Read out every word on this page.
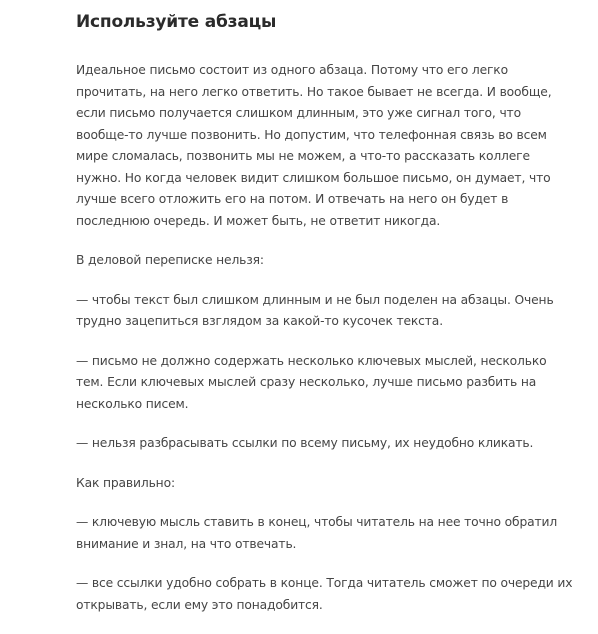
Используйте абзацы

Идеальное письмо состоит из одного абзаца. Потому что его легко прочитать, на него легко ответить. Но такое бывает не всегда. И вообще, если письмо получается слишком длинным, это уже сигнал того, что вообще-то лучше позвонить. Но допустим, что телефонная связь во всем мире сломалась, позвонить мы не можем, а что-то рассказать коллеге нужно. Но когда человек видит слишком большое письмо, он думает, что лучше всего отложить его на потом. И отвечать на него он будет в последнюю очередь. И может быть, не ответит никогда.

В деловой переписке нельзя:

— чтобы текст был слишком длинным и не был поделен на абзацы. Очень трудно зацепиться взглядом за какой-то кусочек текста.

— письмо не должно содержать несколько ключевых мыслей, несколько тем. Если ключевых мыслей сразу несколько, лучше письмо разбить на несколько писем.

— нельзя разбрасывать ссылки по всему письму, их неудобно кликать.

Как правильно:

— ключевую мысль ставить в конец, чтобы читатель на нее точно обратил внимание и знал, на что отвечать.

— все ссылки удобно собрать в конце. Тогда читатель сможет по очереди их открывать, если ему это понадобится.
